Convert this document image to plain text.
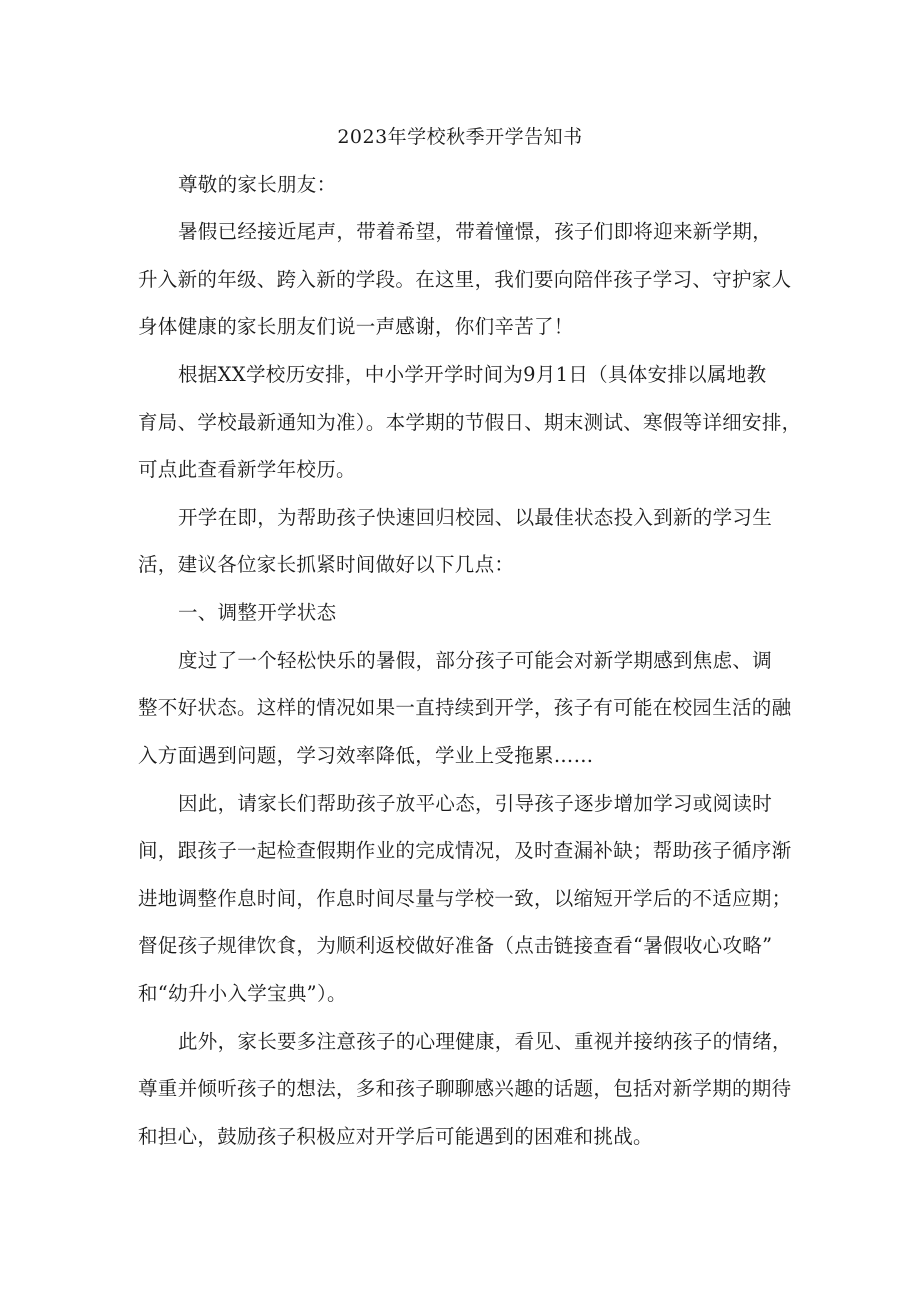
2023年学校秋季开学告知书

尊敬的家长朋友：

暑假已经接近尾声，带着希望，带着憧憬，孩子们即将迎来新学期，

升入新的年级、跨入新的学段。在这里，我们要向陪伴孩子学习、守护家人

身体健康的家长朋友们说一声感谢，你们辛苦了！

根据XX学校历安排，中小学开学时间为9月1日（具体安排以属地教

育局、学校最新通知为准）。本学期的节假日、期末测试、寒假等详细安排，

可点此查看新学年校历。

开学在即，为帮助孩子快速回归校园、以最佳状态投入到新的学习生

活，建议各位家长抓紧时间做好以下几点：

一、调整开学状态

度过了一个轻松快乐的暑假，部分孩子可能会对新学期感到焦虑、调

整不好状态。这样的情况如果一直持续到开学，孩子有可能在校园生活的融

入方面遇到问题，学习效率降低，学业上受拖累……

因此，请家长们帮助孩子放平心态，引导孩子逐步增加学习或阅读时

间，跟孩子一起检查假期作业的完成情况，及时查漏补缺；帮助孩子循序渐

进地调整作息时间，作息时间尽量与学校一致，以缩短开学后的不适应期；

督促孩子规律饮食，为顺利返校做好准备（点击链接查看“暑假收心攻略”

和“幼升小入学宝典”）。

此外，家长要多注意孩子的心理健康，看见、重视并接纳孩子的情绪，

尊重并倾听孩子的想法，多和孩子聊聊感兴趣的话题，包括对新学期的期待

和担心，鼓励孩子积极应对开学后可能遇到的困难和挑战。
